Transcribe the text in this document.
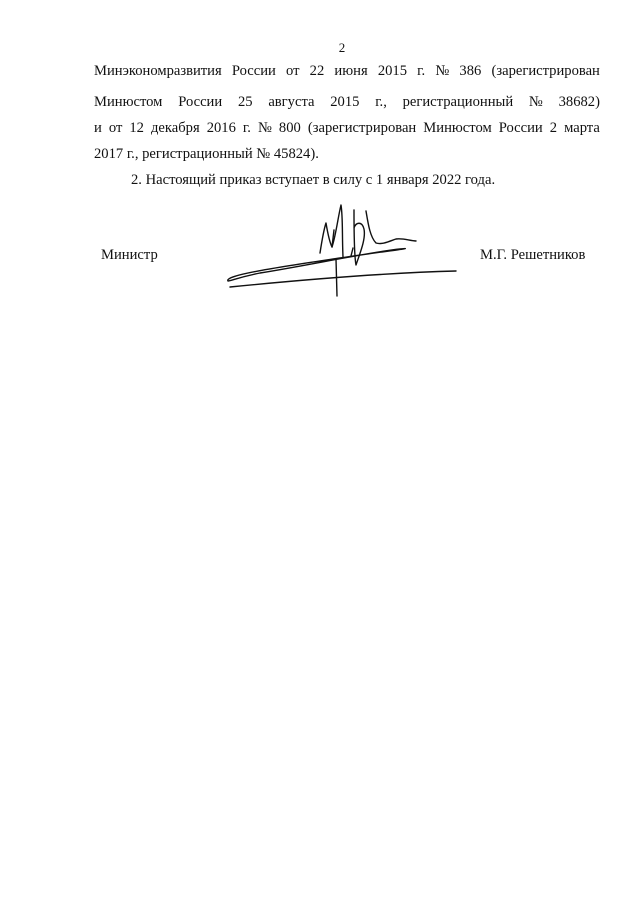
2
Минэкономразвития России от 22 июня 2015 г. № 386 (зарегистрирован
Минюстом России 25 августа 2015 г., регистрационный № 38682)
и от 12 декабря 2016 г. № 800 (зарегистрирован Минюстом России 2 марта
2017 г., регистрационный № 45824).
2. Настоящий приказ вступает в силу с 1 января 2022 года.
Министр	М.Г. Решетников
